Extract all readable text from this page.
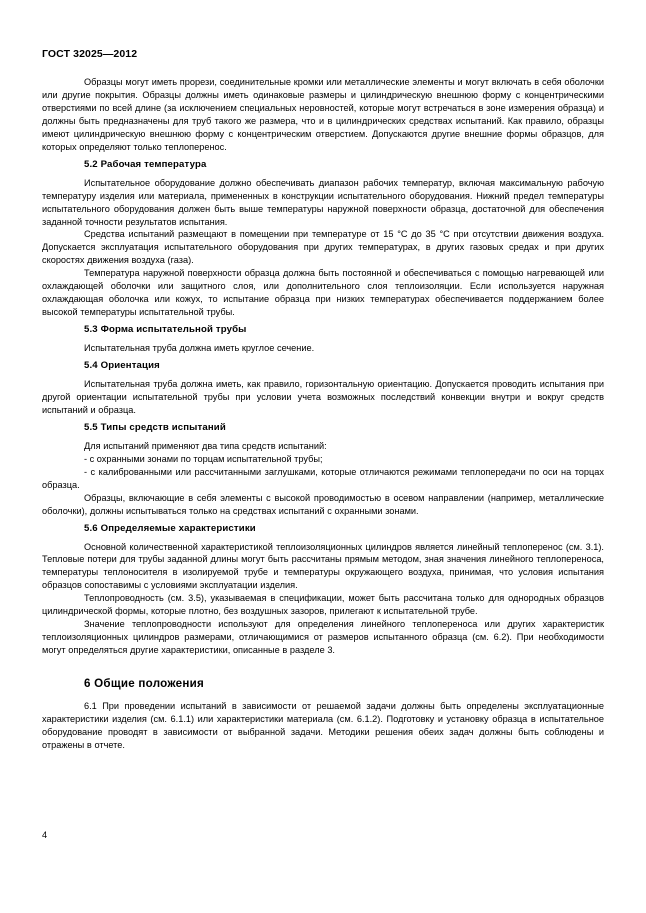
ГОСТ 32025—2012

Образцы могут иметь прорези, соединительные кромки или металлические элементы и могут включать в себя оболочки или другие покрытия. Образцы должны иметь одинаковые размеры и цилиндрическую внешнюю форму с концентрическими отверстиями по всей длине (за исключением специальных неровностей, которые могут встречаться в зоне измерения образца) и должны быть предназначены для труб такого же размера, что и в цилиндрических средствах испытаний. Как правило, образцы имеют цилиндрическую внешнюю форму с концентрическим отверстием. Допускаются другие внешние формы образцов, для которых определяют только теплоперенос.

5.2 Рабочая температура

Испытательное оборудование должно обеспечивать диапазон рабочих температур, включая максимальную рабочую температуру изделия или материала, примененных в конструкции испытательного оборудования. Нижний предел температуры испытательного оборудования должен быть выше температуры наружной поверхности образца, достаточной для обеспечения заданной точности результатов испытания.

Средства испытаний размещают в помещении при температуре от 15 °С до 35 °С при отсутствии движения воздуха. Допускается эксплуатация испытательного оборудования при других температурах, в других газовых средах и при других скоростях движения воздуха (газа).

Температура наружной поверхности образца должна быть постоянной и обеспечиваться с помощью нагревающей или охлаждающей оболочки или защитного слоя, или дополнительного слоя теплоизоляции. Если используется наружная охлаждающая оболочка или кожух, то испытание образца при низких температурах обеспечивается поддержанием более высокой температуры испытательной трубы.

5.3 Форма испытательной трубы

Испытательная труба должна иметь круглое сечение.

5.4 Ориентация

Испытательная труба должна иметь, как правило, горизонтальную ориентацию. Допускается проводить испытания при другой ориентации испытательной трубы при условии учета возможных последствий конвекции внутри и вокруг средств испытаний и образца.

5.5 Типы средств испытаний

Для испытаний применяют два типа средств испытаний:

- с охранными зонами по торцам испытательной трубы;

- с калиброванными или рассчитанными заглушками, которые отличаются режимами теплопередачи по оси на торцах образца.

Образцы, включающие в себя элементы с высокой проводимостью в осевом направлении (например, металлические оболочки), должны испытываться только на средствах испытаний с охранными зонами.

5.6 Определяемые характеристики

Основной количественной характеристикой теплоизоляционных цилиндров является линейный теплоперенос (см. 3.1). Тепловые потери для трубы заданной длины могут быть рассчитаны прямым методом, зная значения линейного теплопереноса, температуры теплоносителя в изолируемой трубе и температуры окружающего воздуха, принимая, что условия испытания образцов сопоставимы с условиями эксплуатации изделия.

Теплопроводность (см. 3.5), указываемая в спецификации, может быть рассчитана только для однородных образцов цилиндрической формы, которые плотно, без воздушных зазоров, прилегают к испытательной трубе.

Значение теплопроводности используют для определения линейного теплопереноса или других характеристик теплоизоляционных цилиндров размерами, отличающимися от размеров испытанного образца (см. 6.2). При необходимости могут определяться другие характеристики, описанные в разделе 3.

6 Общие положения

6.1 При проведении испытаний в зависимости от решаемой задачи должны быть определены эксплуатационные характеристики изделия (см. 6.1.1) или характеристики материала (см. 6.1.2). Подготовку и установку образца в испытательное оборудование проводят в зависимости от выбранной задачи. Методики решения обеих задач должны быть соблюдены и отражены в отчете.

4
